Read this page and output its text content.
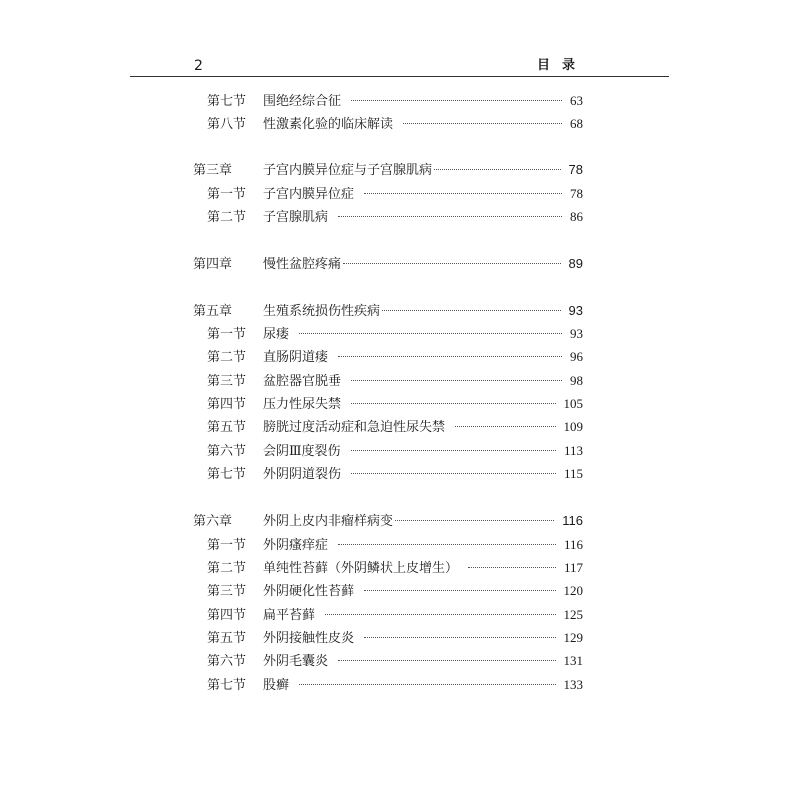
2	目录
第七节	围绝经综合征	63
第八节	性激素化验的临床解读	68
第三章	子宫内膜异位症与子宫腺肌病	78
第一节	子宫内膜异位症	78
第二节	子宫腺肌病	86
第四章	慢性盆腔疼痛	89
第五章	生殖系统损伤性疾病	93
第一节	尿瘘	93
第二节	直肠阴道瘘	96
第三节	盆腔器官脱垂	98
第四节	压力性尿失禁	105
第五节	膀胱过度活动症和急迫性尿失禁	109
第六节	会阴Ⅲ度裂伤	113
第七节	外阴阴道裂伤	115
第六章	外阴上皮内非瘤样病变	116
第一节	外阴瘙痒症	116
第二节	单纯性苔藓（外阴鳞状上皮增生）	117
第三节	外阴硬化性苔藓	120
第四节	扁平苔藓	125
第五节	外阴接触性皮炎	129
第六节	外阴毛囊炎	131
第七节	股癣	133
